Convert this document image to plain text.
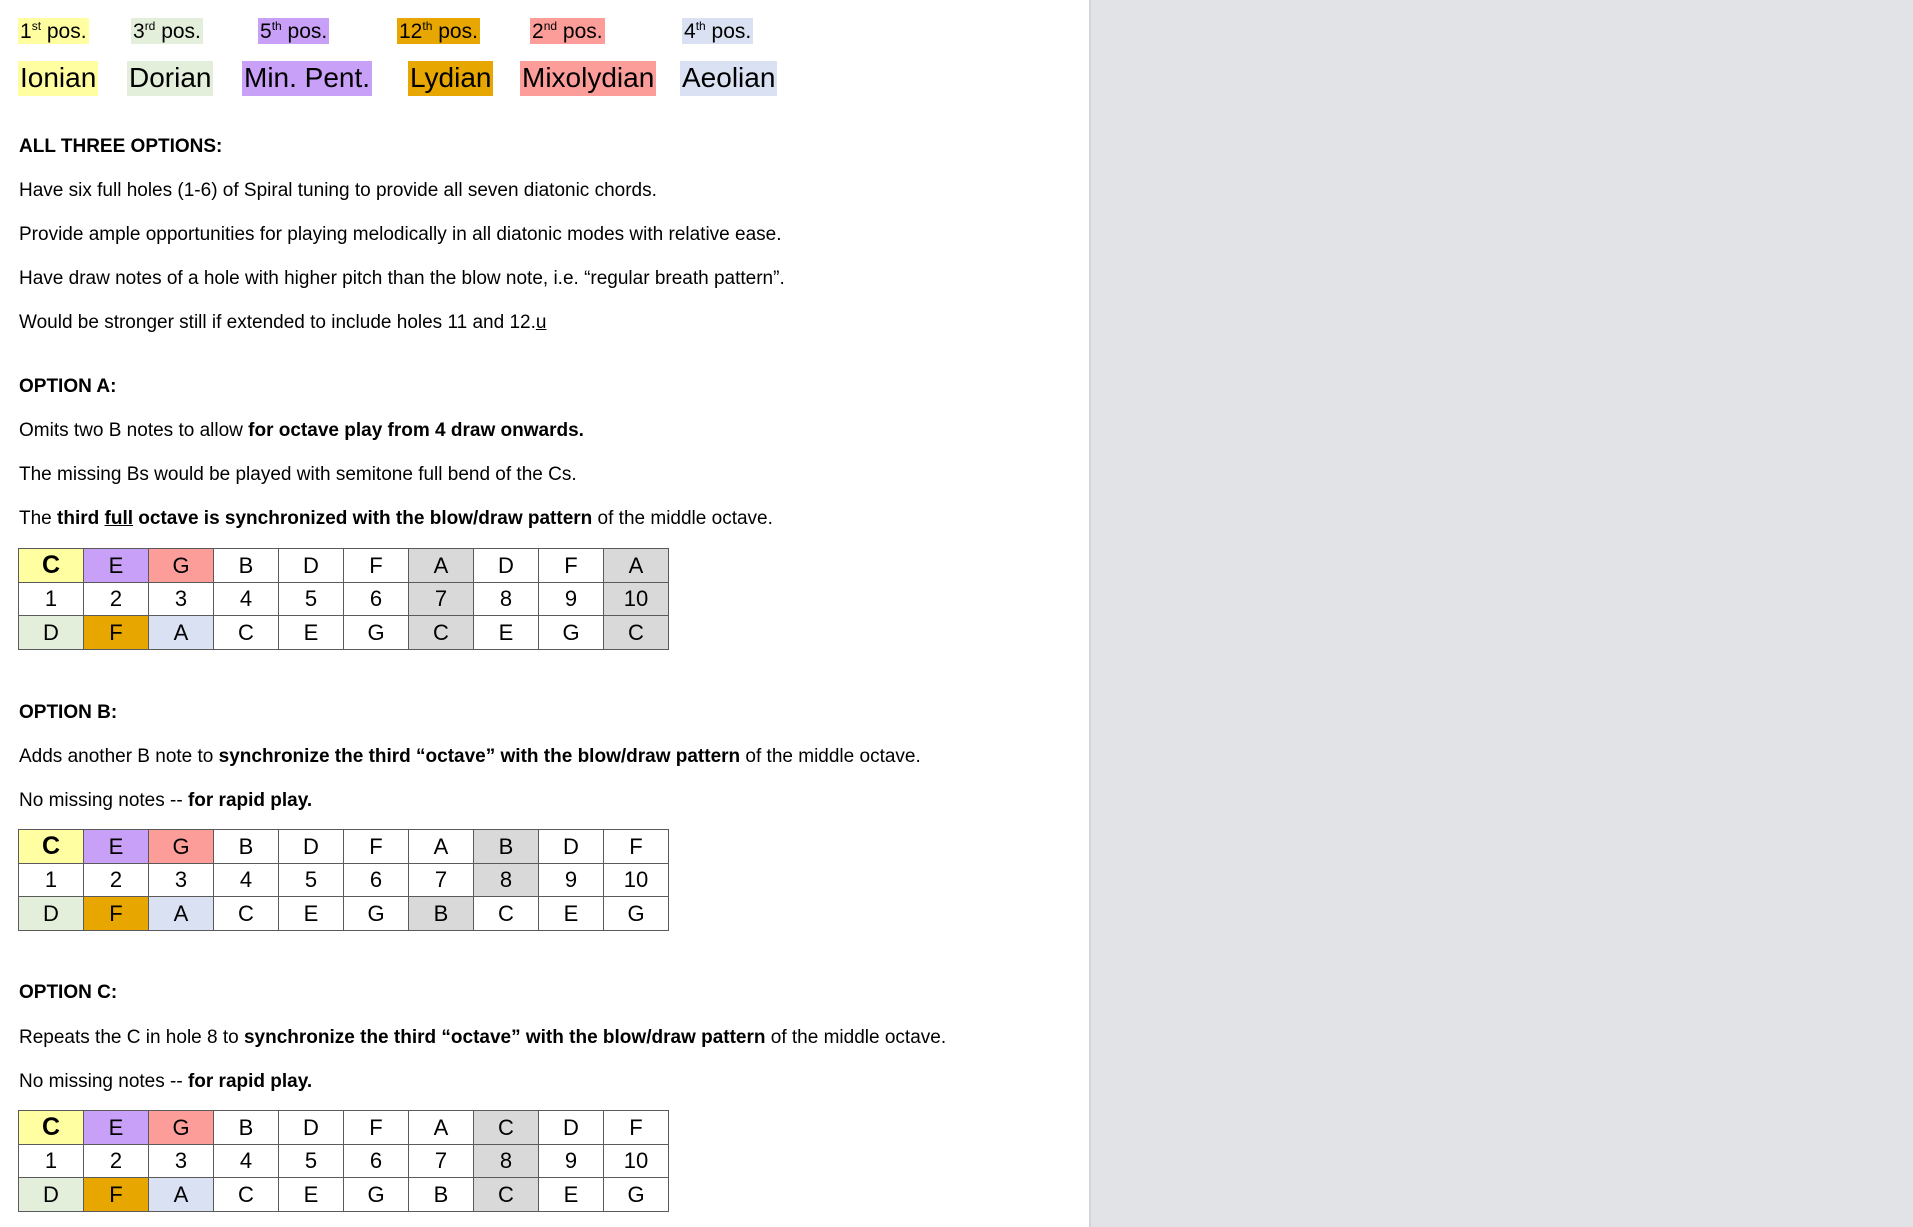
1st pos. 3rd pos.	5th pos.	12th pos.	2nd pos.	4th pos.
Ionian Dorian Min. Pent. Lydian Mixolydian Aeolian
ALL THREE OPTIONS:
Have six full holes (1-6) of Spiral tuning to provide all seven diatonic chords.
Provide ample opportunities for playing melodically in all diatonic modes with relative ease.
Have draw notes of a hole with higher pitch than the blow note, i.e. “regular breath pattern”.
Would be stronger still if extended to include holes 11 and 12.u
OPTION A:
Omits two B notes to allow for octave play from 4 draw onwards.
The missing Bs would be played with semitone full bend of the Cs.
The third full octave is synchronized with the blow/draw pattern of the middle octave.
C	E	G	B	D	F	A	D	F	A
1	2	3	4	5	6	7	8	9	10
D	F	A	C	E	G	C	E	G	C
OPTION B:
Adds another B note to synchronize the third “octave” with the blow/draw pattern of the middle octave.
No missing notes -- for rapid play.
C	E	G	B	D	F	A	B	D	F
1	2	3	4	5	6	7	8	9	10
D	F	A	C	E	G	B	C	E	G
OPTION C:
Repeats the C in hole 8 to synchronize the third “octave” with the blow/draw pattern of the middle octave.
No missing notes -- for rapid play.
C	E	G	B	D	F	A	C	D	F
1	2	3	4	5	6	7	8	9	10
D	F	A	C	E	G	B	C	E	G
